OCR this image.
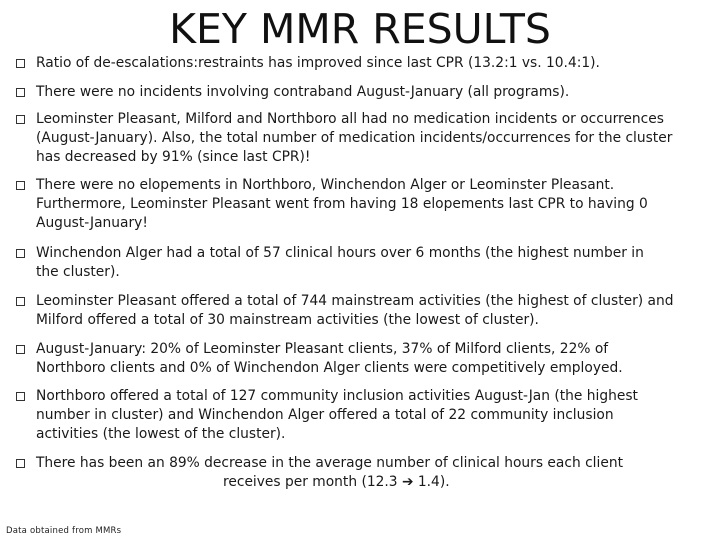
KEY MMR RESULTS
Ratio of de-escalations:restraints has improved since last CPR (13.2:1 vs. 10.4:1).
There were no incidents involving contraband August-January (all programs).
Leominster Pleasant, Milford and Northboro all had no medication incidents or occurrences
(August-January). Also, the total number of medication incidents/occurrences for the cluster
has decreased by 91% (since last CPR)!
There were no elopements in Northboro, Winchendon Alger or Leominster Pleasant.
Furthermore, Leominster Pleasant went from having 18 elopements last CPR to having 0
August-January!
Winchendon Alger had a total of 57 clinical hours over 6 months (the highest number in
the cluster).
Leominster Pleasant offered a total of 744 mainstream activities (the highest of cluster) and
Milford offered a total of 30 mainstream activities (the lowest of cluster).
August-January: 20% of Leominster Pleasant clients, 37% of Milford clients, 22% of
Northboro clients and 0% of Winchendon Alger clients were competitively employed.
Northboro offered a total of 127 community inclusion activities August-Jan (the highest
number in cluster) and Winchendon Alger offered a total of 22 community inclusion
activities (the lowest of the cluster).
There has been an 89% decrease in the average number of clinical hours each client
receives per month (12.3 ➔ 1.4).
Data obtained from MMRs
